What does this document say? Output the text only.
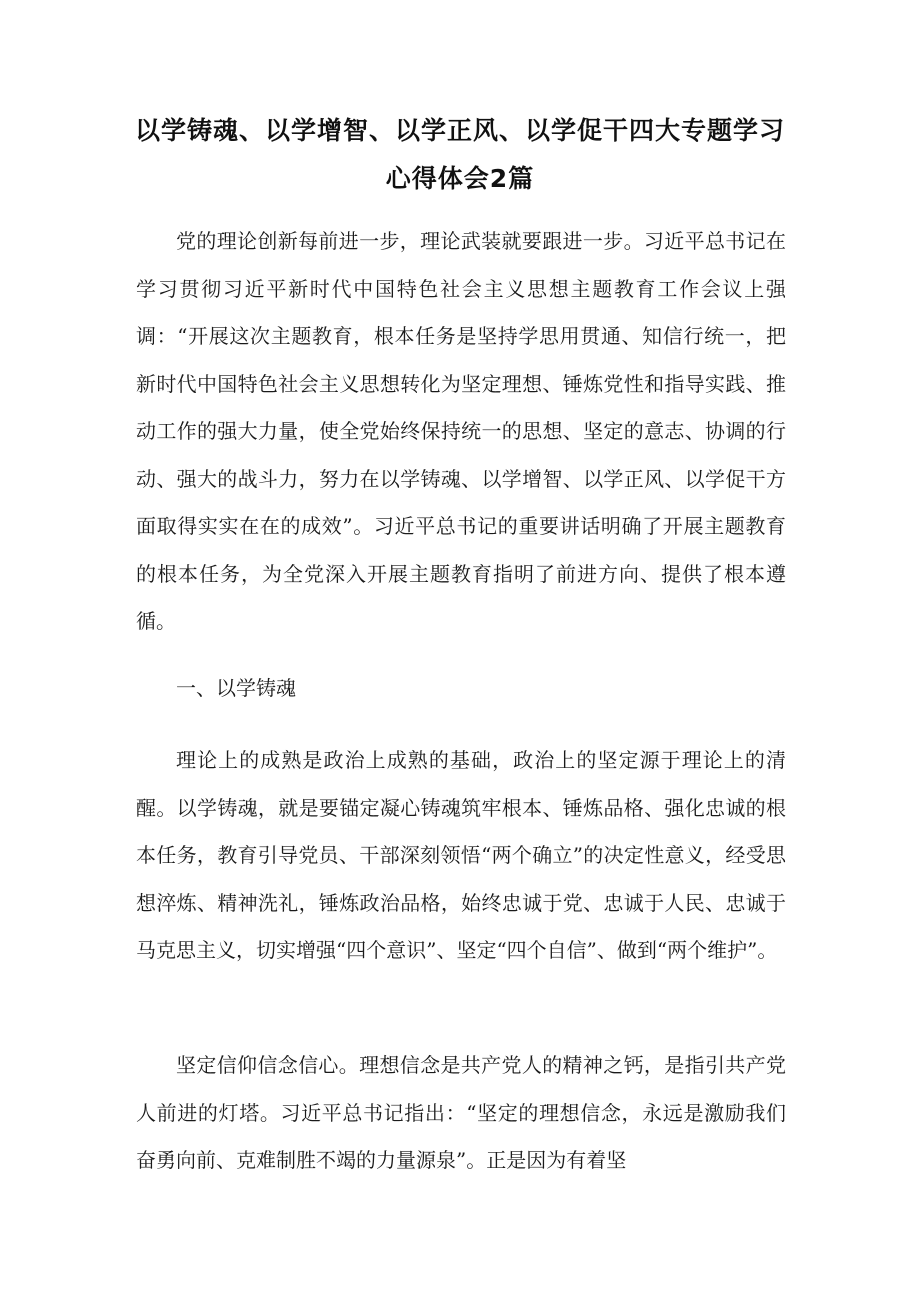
以学铸魂、以学增智、以学正风、以学促干四大专题学习
心得体会2篇

党的理论创新每前进一步，理论武装就要跟进一步。习近平总书记在学习贯彻习近平新时代中国特色社会主义思想主题教育工作会议上强调：“开展这次主题教育，根本任务是坚持学思用贯通、知信行统一，把新时代中国特色社会主义思想转化为坚定理想、锤炼党性和指导实践、推动工作的强大力量，使全党始终保持统一的思想、坚定的意志、协调的行动、强大的战斗力，努力在以学铸魂、以学增智、以学正风、以学促干方面取得实实在在的成效”。习近平总书记的重要讲话明确了开展主题教育的根本任务，为全党深入开展主题教育指明了前进方向、提供了根本遵循。

一、以学铸魂

理论上的成熟是政治上成熟的基础，政治上的坚定源于理论上的清醒。以学铸魂，就是要锚定凝心铸魂筑牢根本、锤炼品格、强化忠诚的根本任务，教育引导党员、干部深刻领悟“两个确立”的决定性意义，经受思想淬炼、精神洗礼，锤炼政治品格，始终忠诚于党、忠诚于人民、忠诚于马克思主义，切实增强“四个意识”、坚定“四个自信”、做到“两个维护”。

坚定信仰信念信心。理想信念是共产党人的精神之钙，是指引共产党人前进的灯塔。习近平总书记指出：“坚定的理想信念，永远是激励我们奋勇向前、克难制胜不竭的力量源泉”。正是因为有着坚
